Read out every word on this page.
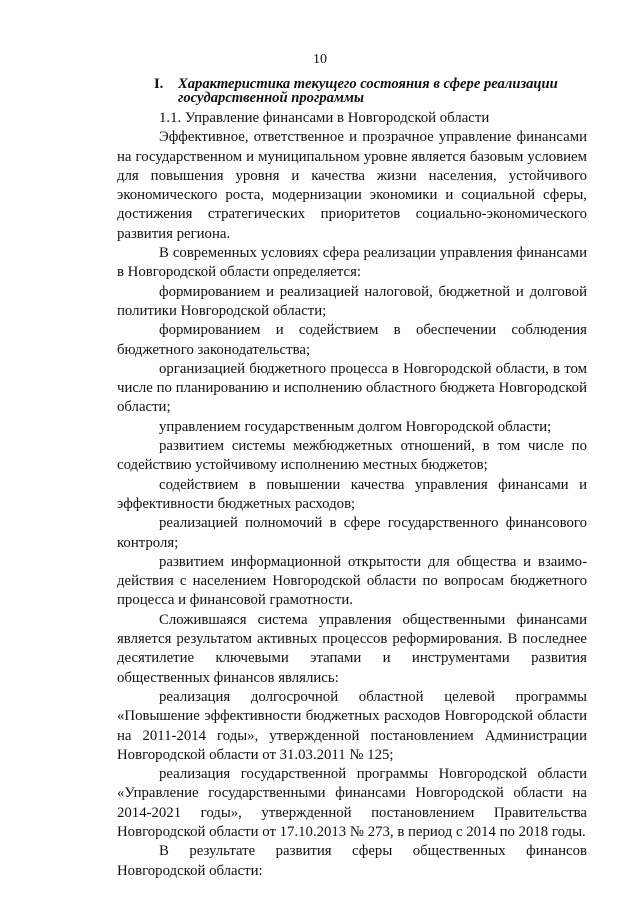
10
I. Характеристика текущего состояния в сфере реализации
государственной программы

1.1. Управление финансами в Новгородской области

Эффективное, ответственное и прозрачное управление финансами на государственном и муниципальном уровне является базовым условием для повышения уровня и качества жизни населения, устойчивого экономического роста, модернизации экономики и социальной сферы, достижения стратегических приоритетов социально-экономического развития региона.

В современных условиях сфера реализации управления финансами в Новгородской области определяется:

формированием и реализацией налоговой, бюджетной и долговой политики Новгородской области;

формированием и содействием в обеспечении соблюдения бюджетного законодательства;

организацией бюджетного процесса в Новгородской области, в том числе по планированию и исполнению областного бюджета Новгородской области;

управлением государственным долгом Новгородской области;

развитием системы межбюджетных отношений, в том числе по содействию устойчивому исполнению местных бюджетов;

содействием в повышении качества управления финансами и эффективности бюджетных расходов;

реализацией полномочий в сфере государственного финансового контроля;

развитием информационной открытости для общества и взаимодействия с населением Новгородской области по вопросам бюджетного процесса и финансовой грамотности.

Сложившаяся система управления общественными финансами является результатом активных процессов реформирования. В последнее десятилетие ключевыми этапами и инструментами развития общественных финансов являлись:

реализация долгосрочной областной целевой программы «Повышение эффективности бюджетных расходов Новгородской области на 2011-2014 годы», утвержденной постановлением Администрации Новгородской области от 31.03.2011 № 125;

реализация государственной программы Новгородской области «Управление государственными финансами Новгородской области на 2014-2021 годы», утвержденной постановлением Правительства Новгородской области от 17.10.2013 № 273, в период с 2014 по 2018 годы.

В результате развития сферы общественных финансов Новгородской области:
